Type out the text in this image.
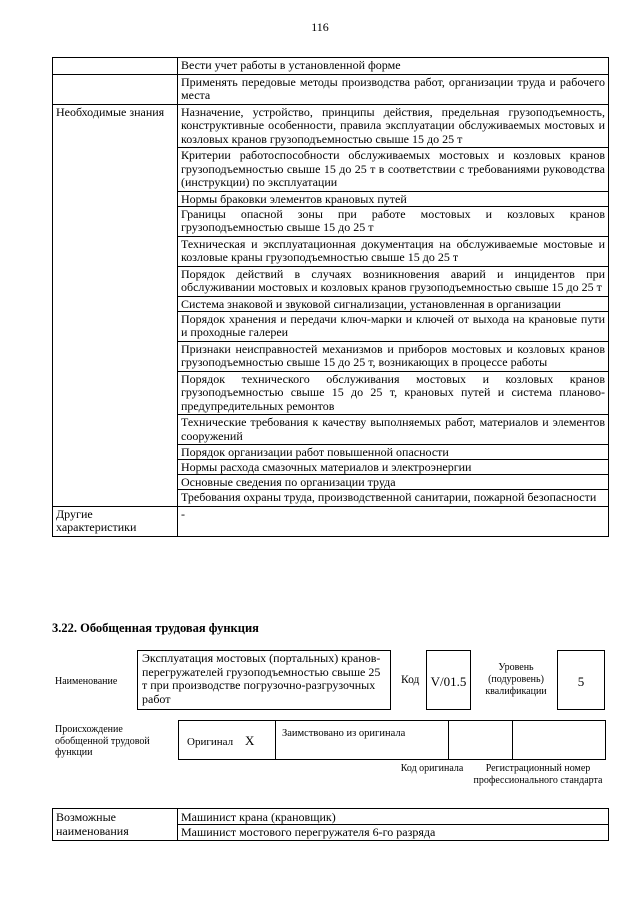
116
	Вести учет работы в установленной форме
	Применять передовые методы производства работ, организации труда и рабочего места
Необходимые знания	Назначение, устройство, принципы действия, предельная грузоподъемность, конструктивные особенности, правила эксплуатации обслуживаемых мостовых и козловых кранов грузоподъемностью свыше 15 до 25 т
	Критерии работоспособности обслуживаемых мостовых и козловых кранов грузоподъемностью свыше 15 до 25 т в соответствии с требованиями руководства (инструкции) по эксплуатации
	Нормы браковки элементов крановых путей
	Границы опасной зоны при работе мостовых и козловых кранов грузоподъемностью свыше 15 до 25 т
	Техническая и эксплуатационная документация на обслуживаемые мостовые и козловые краны грузоподъемностью свыше 15 до 25 т
	Порядок действий в случаях возникновения аварий и инцидентов при обслуживании мостовых и козловых кранов грузоподъемностью свыше 15 до 25 т
	Система знаковой и звуковой сигнализации, установленная в организации
	Порядок хранения и передачи ключ-марки и ключей от выхода на крановые пути и проходные галереи
	Признаки неисправностей механизмов и приборов мостовых и козловых кранов грузоподъемностью свыше 15 до 25 т, возникающих в процессе работы
	Порядок технического обслуживания мостовых и козловых кранов грузоподъемностью свыше 15 до 25 т, крановых путей и система планово-предупредительных ремонтов
	Технические требования к качеству выполняемых работ, материалов и элементов сооружений
	Порядок организации работ повышенной опасности
	Нормы расхода смазочных материалов и электроэнергии
	Основные сведения по организации труда
	Требования охраны труда, производственной санитарии, пожарной безопасности
Другие характеристики	-
3.22. Обобщенная трудовая функция
Наименование
Эксплуатация мостовых (портальных) кранов-перегружателей грузоподъемностью свыше 25 т при производстве погрузочно-разгрузочных работ
Код V/01.5
Уровень (подуровень) квалификации
5
Происхождение обобщенной трудовой функции
Оригинал X	Заимствовано из оригинала
Код оригинала	Регистрационный номер профессионального стандарта
Возможные наименования	
Машинист крана (крановщик)
Машинист мостового перегружателя 6-го разряда
